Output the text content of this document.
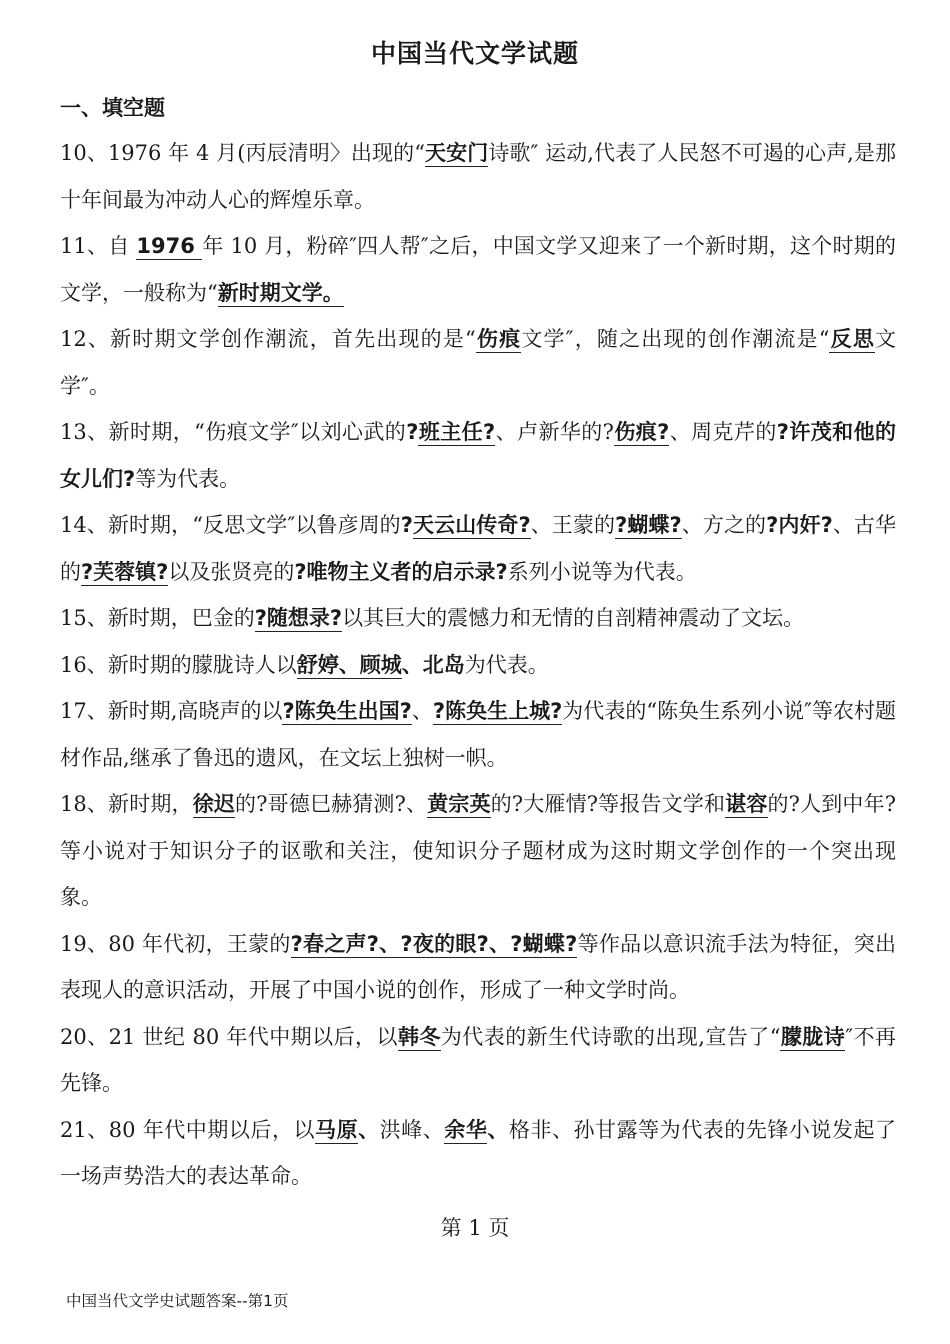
中国当代文学试题
一、填空题

10、1976 年 4 月(丙辰清明〉出现的“天安门诗歌″ 运动,代表了人民怒不可遏的心声,是那十年间最为冲动人心的辉煌乐章。

11、自 1976 年 10 月，粉碎″四人帮″之后，中国文学又迎来了一个新时期，这个时期的文学，一般称为“新时期文学。

12、新时期文学创作潮流，首先出现的是“伤痕文学″，随之出现的创作潮流是“反思文学″。

13、新时期，“伤痕文学″以刘心武的?班主任?、卢新华的?伤痕?、周克芹的?许茂和他的女儿们?等为代表。

14、新时期，“反思文学″以鲁彦周的?天云山传奇?、王蒙的?蝴蝶?、方之的?内奸?、古华的?芙蓉镇?以及张贤亮的?唯物主义者的启示录?系列小说等为代表。

15、新时期，巴金的?随想录?以其巨大的震憾力和无情的自剖精神震动了文坛。

16、新时期的朦胧诗人以舒婷、顾城、北岛为代表。

17、新时期,高晓声的以?陈奂生出国?、?陈奂生上城?为代表的“陈奂生系列小说″等农村题材作品,继承了鲁迅的遗风，在文坛上独树一帜。

18、新时期，徐迟的?哥德巳赫猜测?、黄宗英的?大雁情?等报告文学和谌容的?人到中年?等小说对于知识分子的讴歌和关注，使知识分子题材成为这时期文学创作的一个突出现象。

19、80 年代初，王蒙的?春之声?、?夜的眼?、?蝴蝶?等作品以意识流手法为特征，突出表现人的意识活动，开展了中国小说的创作，形成了一种文学时尚。

20、21 世纪 80 年代中期以后，以韩冬为代表的新生代诗歌的出现,宣告了“朦胧诗″不再先锋。

21、80 年代中期以后，以马原、洪峰、余华、格非、孙甘露等为代表的先锋小说发起了一场声势浩大的表达革命。

第 1 页
中国当代文学史试题答案--第1页
